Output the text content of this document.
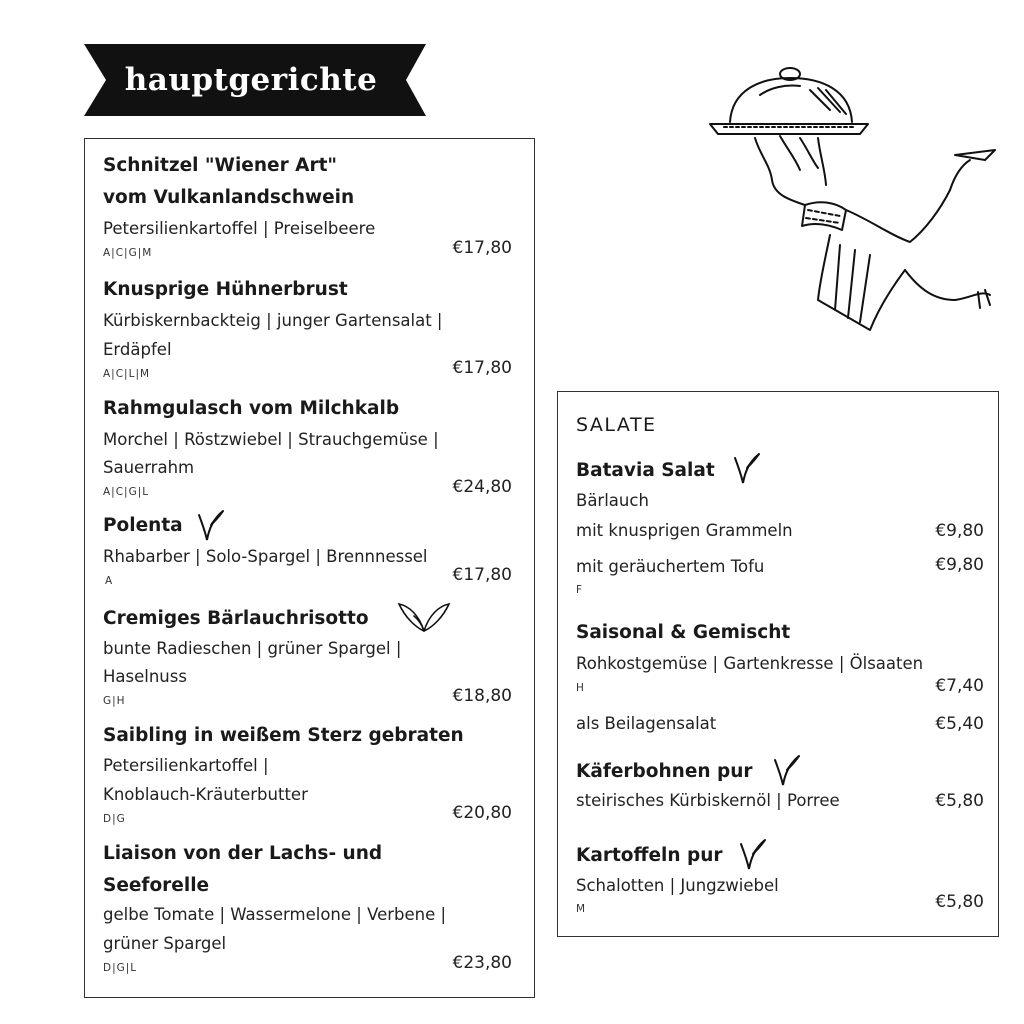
hauptgerichte
Schnitzel "Wiener Art"
vom Vulkanlandschwein
Petersilienkartoffel | Preiselbeere
A|C|G|M	€17,80
Knusprige Hühnerbrust
Kürbiskernbackteig | junger Gartensalat |
Erdäpfel
A|C|L|M	€17,80
Rahmgulasch vom Milchkalb
Morchel | Röstzwiebel | Strauchgemüse |
Sauerrahm
A|C|G|L	€24,80
Polenta
Rhabarber | Solo-Spargel | Brennnessel
A	€17,80
Cremiges Bärlauchrisotto
bunte Radieschen | grüner Spargel |
Haselnuss
G|H	€18,80
Saibling in weißem Sterz gebraten
Petersilienkartoffel |
Knoblauch-Kräuterbutter
D|G	€20,80
Liaison von der Lachs- und
Seeforelle
gelbe Tomate | Wassermelone | Verbene |
grüner Spargel
D|G|L	€23,80
SALATE
Batavia Salat
Bärlauch
mit knusprigen Grammeln	€9,80
mit geräuchertem Tofu	€9,80
F
Saisonal & Gemischt
Rohkostgemüse | Gartenkresse | Ölsaaten
H	€7,40
als Beilagensalat	€5,40
Käferbohnen pur
steirisches Kürbiskernöl | Porree	€5,80
Kartoffeln pur
Schalotten | Jungzwiebel
M	€5,80
